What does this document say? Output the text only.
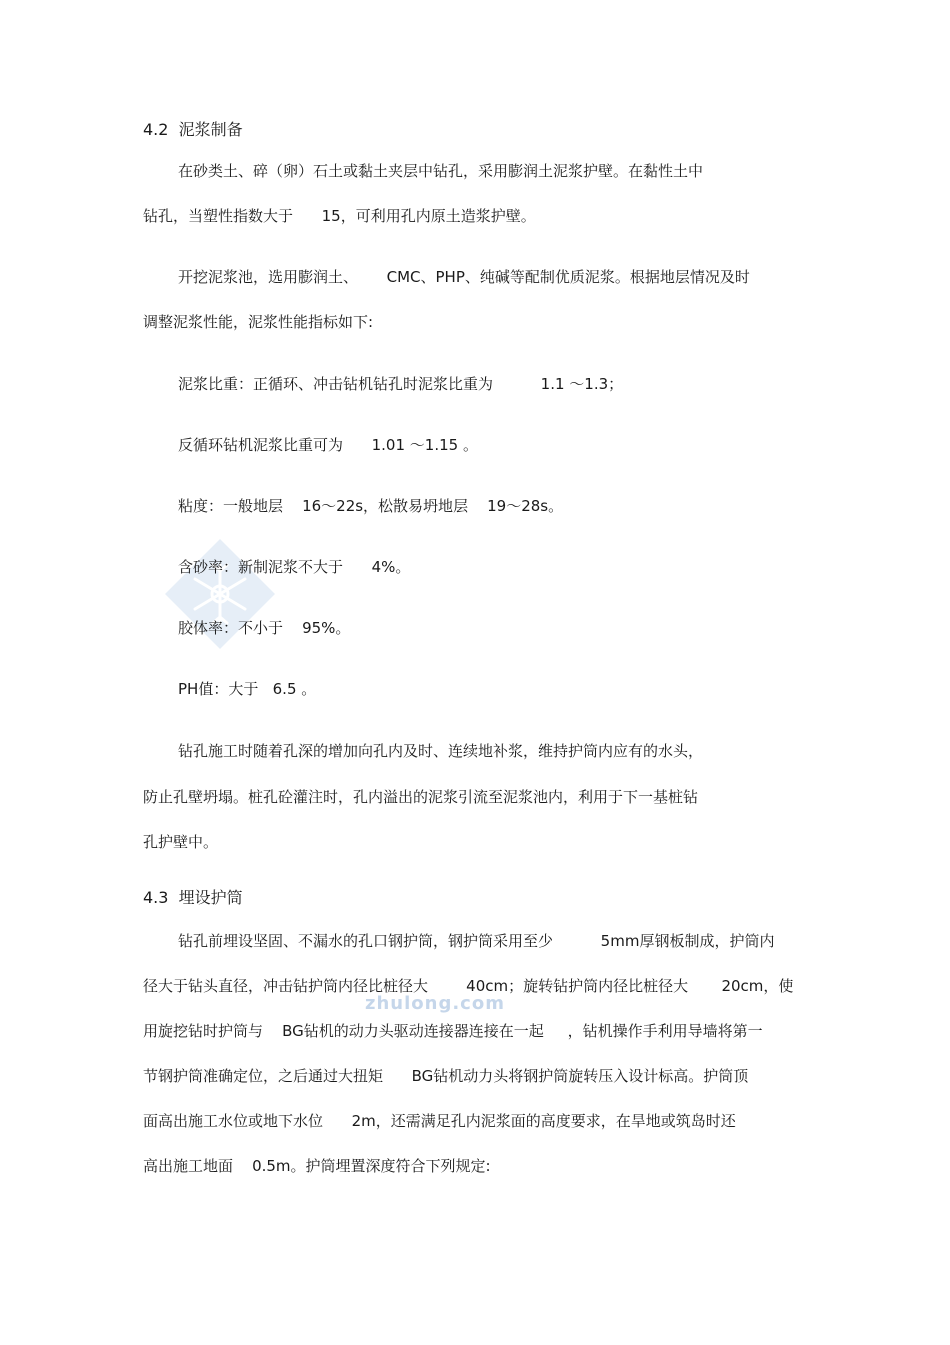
zhulong.com

4.2  泥浆制备

在砂类土、碎（卵）石土或黏土夹层中钻孔，采用膨润土泥浆护壁。在黏性土中

钻孔，当塑性指数大于      15，可利用孔内原土造浆护壁。

开挖泥浆池，选用膨润土、      CMC、PHP、纯碱等配制优质泥浆。根据地层情况及时

调整泥浆性能，泥浆性能指标如下:

泥浆比重：正循环、冲击钻机钻孔时泥浆比重为          1.1 ～1.3；

反循环钻机泥浆比重可为      1.01 ～1.15 。

粘度：一般地层    16～22s，松散易坍地层    19～28s。

含砂率：新制泥浆不大于      4%。

胶体率：不小于    95%。

PH值：大于   6.5 。

钻孔施工时随着孔深的增加向孔内及时、连续地补浆，维持护筒内应有的水头，

防止孔壁坍塌。桩孔砼灌注时，孔内溢出的泥浆引流至泥浆池内，利用于下一基桩钻

孔护壁中。

4.3  埋设护筒

钻孔前埋设坚固、不漏水的孔口钢护筒，钢护筒采用至少          5mm厚钢板制成，护筒内

径大于钻头直径，冲击钻护筒内径比桩径大        40cm；旋转钻护筒内径比桩径大       20cm，使

用旋挖钻时护筒与    BG钻机的动力头驱动连接器连接在一起     ，钻机操作手利用导墙将第一

节钢护筒准确定位，之后通过大扭矩      BG钻机动力头将钢护筒旋转压入设计标高。护筒顶

面高出施工水位或地下水位      2m，还需满足孔内泥浆面的高度要求，在旱地或筑岛时还

高出施工地面    0.5m。护筒埋置深度符合下列规定:
